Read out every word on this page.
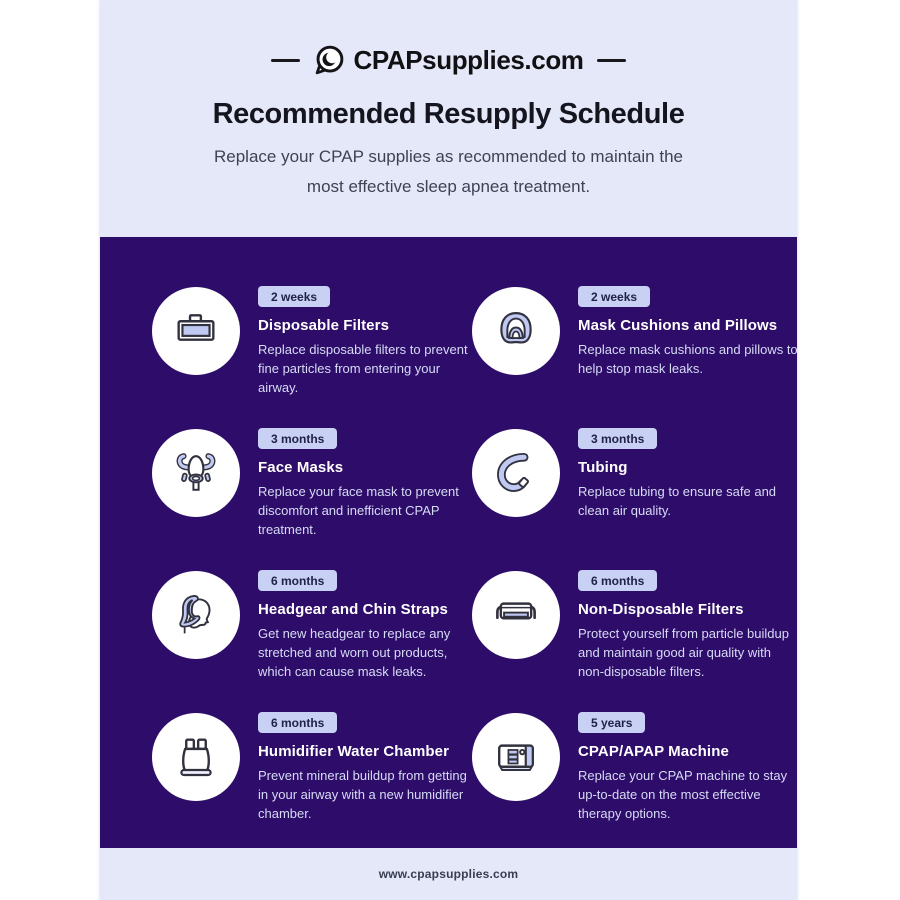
CPAPsupplies.com
Recommended Resupply Schedule
Replace your CPAP supplies as recommended to maintain the most effective sleep apnea treatment.
2 weeks
Disposable Filters
Replace disposable filters to prevent fine particles from entering your airway.
2 weeks
Mask Cushions and Pillows
Replace mask cushions and pillows to help stop mask leaks.
3 months
Face Masks
Replace your face mask to prevent discomfort and inefficient CPAP treatment.
3 months
Tubing
Replace tubing to ensure safe and clean air quality.
6 months
Headgear and Chin Straps
Get new headgear to replace any stretched and worn out products, which can cause mask leaks.
6 months
Non-Disposable Filters
Protect yourself from particle buildup and maintain good air quality with non-disposable filters.
6 months
Humidifier Water Chamber
Prevent mineral buildup from getting in your airway with a new humidifier chamber.
5 years
CPAP/APAP Machine
Replace your CPAP machine to stay up-to-date on the most effective therapy options.
www.cpapsupplies.com
